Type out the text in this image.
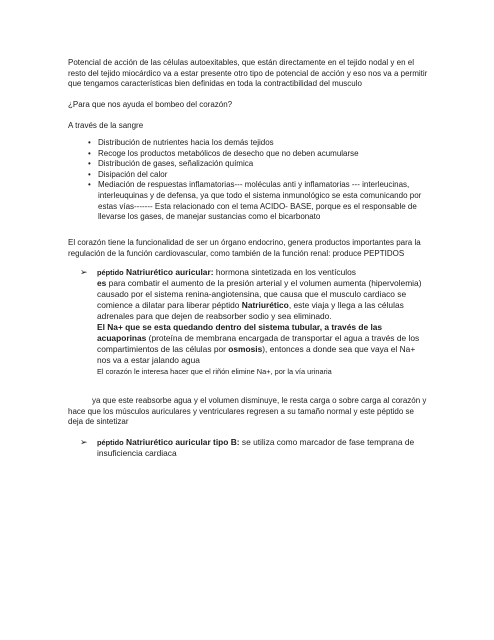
Potencial de acción de las células autoexitables, que están directamente en el tejido nodal y en el resto del tejido miocárdico va a estar presente otro tipo de potencial de acción y eso nos va a permitir que tengamos características bien definidas en toda la contractibilidad del musculo

¿Para que nos ayuda el bombeo del corazón?

A través de la sangre

• Distribución de nutrientes hacia los demás tejidos
• Recoge los productos metabólicos de desecho que no deben acumularse
• Distribución de gases, señalización química
• Disipación del calor
• Mediación de respuestas inflamatorias--- moléculas anti y inflamatorias --- interleucinas, interleuquinas y de defensa, ya que todo el sistema inmunológico se esta comunicando por estas vías------- Esta relacionado con el tema ACIDO- BASE, porque es el responsable de llevarse los gases, de manejar sustancias como el bicarbonato

El corazón tiene la funcionalidad de ser un órgano endocrino, genera productos importantes para la regulación de la función cardiovascular, como también de la función renal: produce PEPTIDOS

➢ péptido Natriurético auricular: hormona sintetizada en los ventículos
es para combatir el aumento de la presión arterial y el volumen aumenta (hipervolemia) causado por el sistema renina-angiotensina, que causa que el musculo cardiaco se comience a dilatar para liberar péptido Natriurético, este viaja y llega a las células adrenales para que dejen de reabsorber sodio y sea eliminado.
El Na+ que se esta quedando dentro del sistema tubular, a través de las acuaporinas (proteína de membrana encargada de transportar el agua a través de los compartimientos de las células por osmosis), entonces a donde sea que vaya el Na+ nos va a estar jalando agua
El corazón le interesa hacer que el riñón elimine Na+, por la vía urinaria

ya que este reabsorbe agua y el volumen disminuye, le resta carga o sobre carga al corazón y hace que los músculos auriculares y ventriculares regresen a su tamaño normal y este péptido se deja de sintetizar

➢ péptido Natriurético auricular tipo B: se utiliza como marcador de fase temprana de insuficiencia cardiaca
